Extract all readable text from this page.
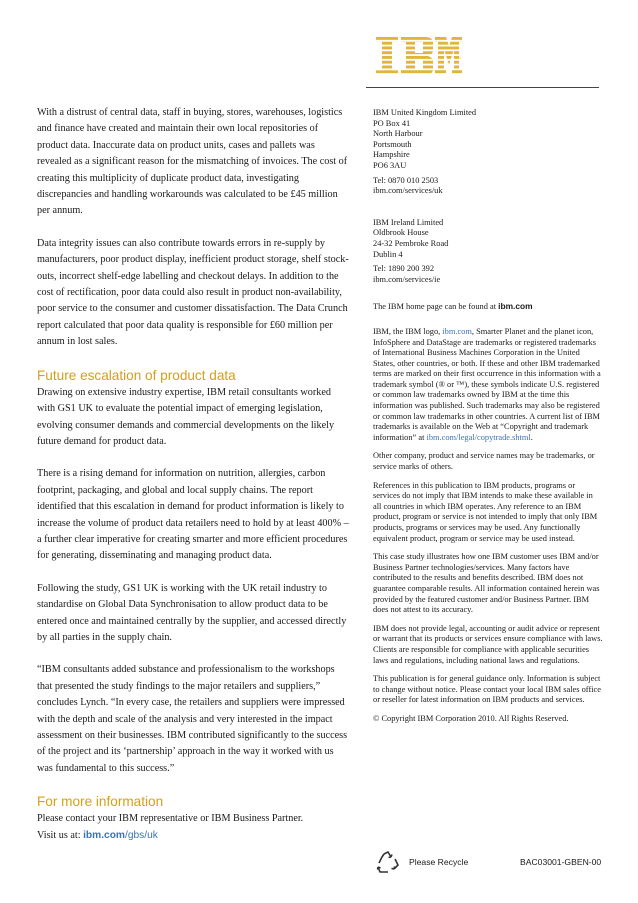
®

With a distrust of central data, staff in buying, stores, warehouses, logistics and finance have created and maintain their own local repositories of product data. Inaccurate data on product units, cases and pallets was revealed as a significant reason for the mismatching of invoices. The cost of creating this multiplicity of duplicate product data, investigating discrepancies and handling workarounds was calculated to be £45 million per annum.

Data integrity issues can also contribute towards errors in re-supply by manufacturers, poor product display, inefficient product storage, shelf stock-outs, incorrect shelf-edge labelling and checkout delays. In addition to the cost of rectification, poor data could also result in product non-availability, poor service to the consumer and customer dissatisfaction. The Data Crunch report calculated that poor data quality is responsible for £60 million per annum in lost sales.

Future escalation of product data

Drawing on extensive industry expertise, IBM retail consultants worked with GS1 UK to evaluate the potential impact of emerging legislation, evolving consumer demands and commercial developments on the likely future demand for product data.

There is a rising demand for information on nutrition, allergies, carbon footprint, packaging, and global and local supply chains. The report identified that this escalation in demand for product information is likely to increase the volume of product data retailers need to hold by at least 400% – a further clear imperative for creating smarter and more efficient procedures for generating, disseminating and managing product data.

Following the study, GS1 UK is working with the UK retail industry to standardise on Global Data Synchronisation to allow product data to be entered once and maintained centrally by the supplier, and accessed directly by all parties in the supply chain.

“IBM consultants added substance and professionalism to the workshops that presented the study findings to the major retailers and suppliers,” concludes Lynch. “In every case, the retailers and suppliers were impressed with the depth and scale of the analysis and very interested in the impact assessment on their businesses. IBM contributed significantly to the success of the project and its ‘partnership’ approach in the way it worked with us was fundamental to this success.”

For more information
Please contact your IBM representative or IBM Business Partner.
Visit us at: ibm.com/gbs/uk
IBM United Kingdom Limited
PO Box 41
North Harbour
Portsmouth
Hampshire
PO6 3AU
Tel: 0870 010 2503
ibm.com/services/uk
IBM Ireland Limited
Oldbrook House
24-32 Pembroke Road
Dublin 4
Tel: 1890 200 392
ibm.com/services/ie
The IBM home page can be found at ibm.com

IBM, the IBM logo, ibm.com, Smarter Planet and the planet icon, InfoSphere and DataStage are trademarks or registered trademarks of International Business Machines Corporation in the United States, other countries, or both. If these and other IBM trademarked terms are marked on their first occurrence in this information with a trademark symbol (® or ™), these symbols indicate U.S. registered or common law trademarks owned by IBM at the time this information was published. Such trademarks may also be registered or common law trademarks in other countries. A current list of IBM trademarks is available on the Web at “Copyright and trademark information” at ibm.com/legal/copytrade.shtml.

Other company, product and service names may be trademarks, or service marks of others.

References in this publication to IBM products, programs or services do not imply that IBM intends to make these available in all countries in which IBM operates. Any reference to an IBM product, program or service is not intended to imply that only IBM products, programs or services may be used. Any functionally equivalent product, program or service may be used instead.

This case study illustrates how one IBM customer uses IBM and/or Business Partner technologies/services. Many factors have contributed to the results and benefits described. IBM does not guarantee comparable results. All information contained herein was provided by the featured customer and/or Business Partner. IBM does not attest to its accuracy.

IBM does not provide legal, accounting or audit advice or represent or warrant that its products or services ensure compliance with laws. Clients are responsible for compliance with applicable securities laws and regulations, including national laws and regulations.

This publication is for general guidance only. Information is subject to change without notice. Please contact your local IBM sales office or reseller for latest information on IBM products and services.

© Copyright IBM Corporation 2010. All Rights Reserved.

Please Recycle	BAC03001-GBEN-00
